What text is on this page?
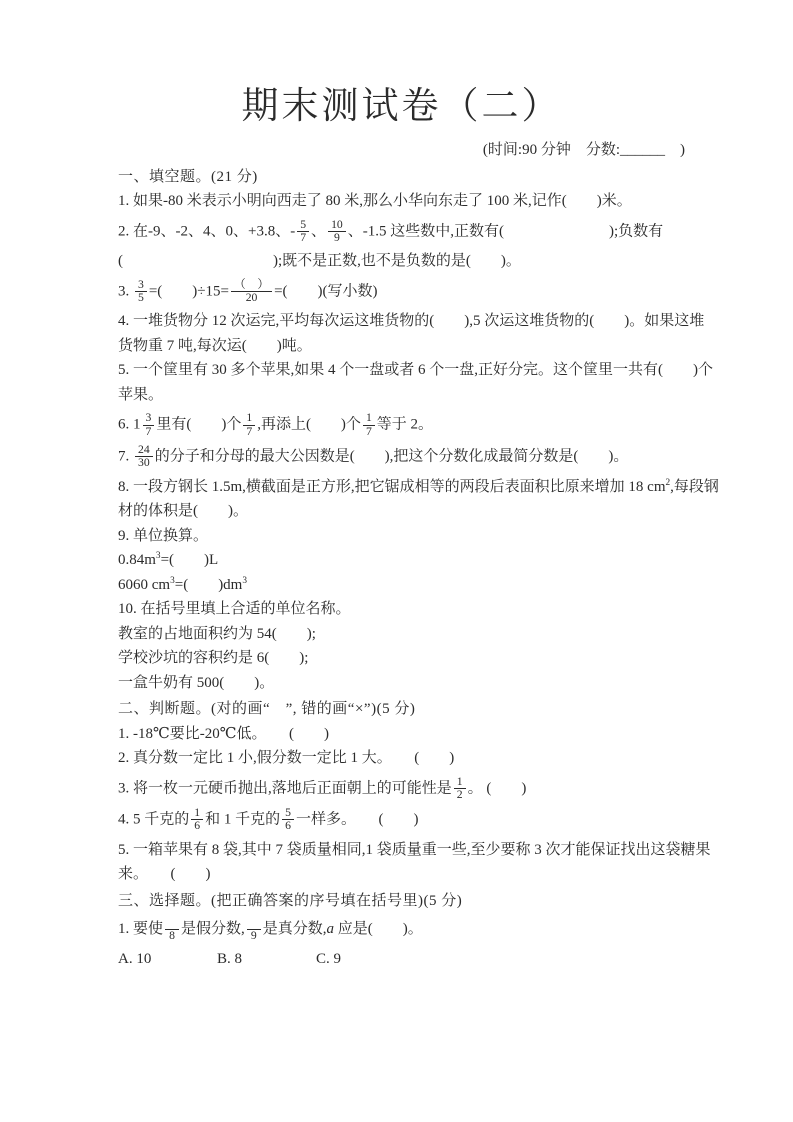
期末测试卷（二）
(时间:90 分钟　分数:______　)

一、填空题。(21 分)

1. 如果-80 米表示小明向西走了 80 米,那么小华向东走了 100 米,记作(　　)米。

2. 在-9、-2、4、0、+3.8、- $\frac{5}{7}$ 、 $\frac{10}{9}$ 、-1.5 这些数中,正数有(　　　　　　　);负数有

(　　　　　　　　　　);既不是正数,也不是负数的是(　　)。

3. $\frac{3}{5}$ =(　　)$\div 15= \frac{( )}{20}$ =(　　)(写小数)

4. 一堆货物分 12 次运完,平均每次运这堆货物的(　　),5 次运这堆货物的(　　)。如果这堆

货物重 7 吨,每次运(　　)吨。

5. 一个筐里有 30 多个苹果,如果 4 个一盘或者 6 个一盘,正好分完。这个筐里一共有(　　)个

苹果。

6. $1 \frac{3}{7}$ 里有(　　)个 $\frac{1}{7}$ ,再添上(　　)个 $\frac{1}{7}$ 等于 2。

7. $\frac{24}{30}$ 的分子和分母的最大公因数是(　　),把这个分数化成最简分数是(　　)。

8. 一段方钢长 1.5m,横截面是正方形,把它锯成相等的两段后表面积比原来增加 18 $cm^2$,每段钢

材的体积是(　　)。

9. 单位换算。

$0.84m^3=$(　　)L

6060 $cm^3=$(　　)$dm^3$

10. 在括号里填上合适的单位名称。

教室的占地面积约为 54(　　);

学校沙坑的容积约是 6(　　);

一盒牛奶有 500(　　)。

二、判断题。(对的画“　”, 错的画“×”)(5 分)

1. -18℃要比-20℃低。　　(　　)

2. 真分数一定比 1 小,假分数一定比 1 大。　　(　　)

3. 将一枚一元硬币抛出,落地后正面朝上的可能性是 $\frac{1}{2}$ 。 (　　)

4. 5 千克的 $\frac{1}{6}$ 和 1 千克的 $\frac{5}{6}$ 一样多。　　(　　)

5. 一箱苹果有 8 袋,其中 7 袋质量相同,1 袋质量重一些,至少要称 3 次才能保证找出这袋糖果

来。　　(　　)

三、选择题。(把正确答案的序号填在括号里)(5 分)

1. 要使 8 是假分数, 9 是真分数,a 应是(　　)。

A. 10	B. 8	C. 9
